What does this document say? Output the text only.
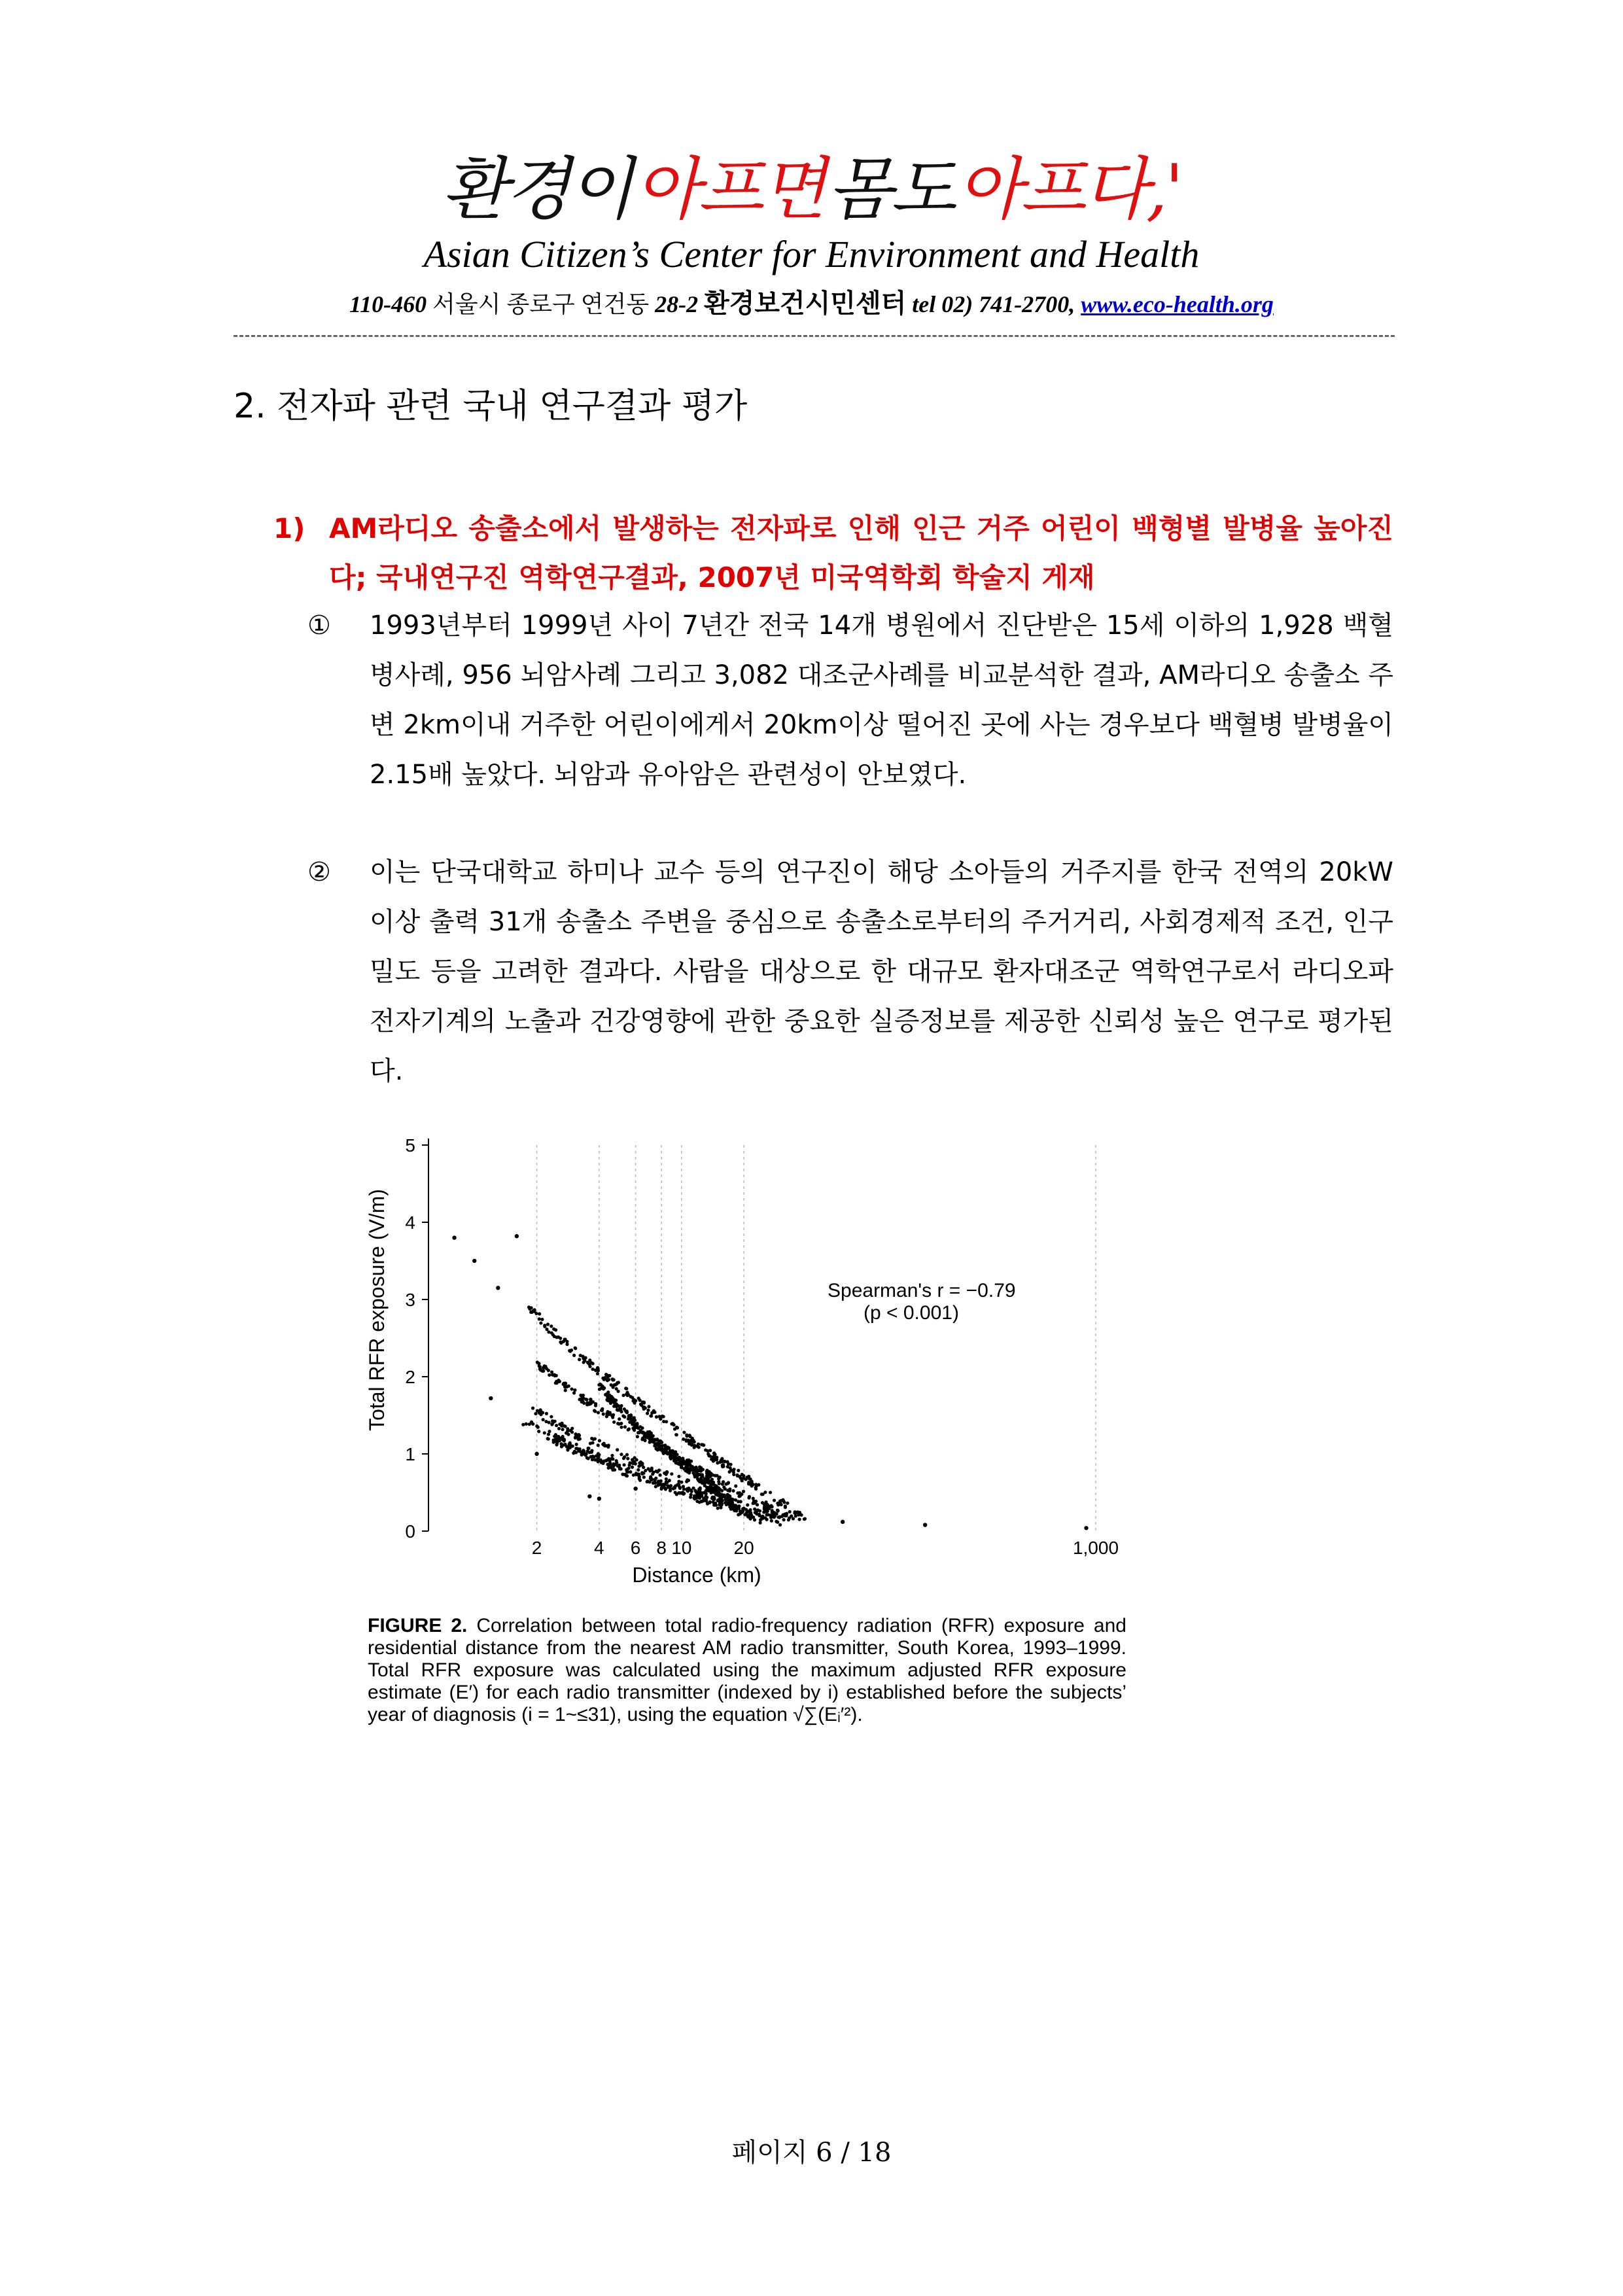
환경이 아프면 몸도 아프다,'
Asian Citizen’s Center for Environment and Health
110-460 서울시 종로구 연건동 28-2 환경보건시민센터 tel 02) 741-2700, www.eco-health.org
2. 전자파 관련 국내 연구결과 평가
1) AM라디오 송출소에서 발생하는 전자파로 인해 인근 거주 어린이 백형별 발병율 높아진다; 국내연구진 역학연구결과, 2007년 미국역학회 학술지 게재
① 1993년부터 1999년 사이 7년간 전국 14개 병원에서 진단받은 15세 이하의 1,928 백혈병사례, 956 뇌암사례 그리고 3,082 대조군사례를 비교분석한 결과, AM라디오 송출소 주변 2km이내 거주한 어린이에게서 20km이상 떨어진 곳에 사는 경우보다 백혈병 발병율이 2.15배 높았다. 뇌암과 유아암은 관련성이 안보였다.
② 이는 단국대학교 하미나 교수 등의 연구진이 해당 소아들의 거주지를 한국 전역의 20kW이상 출력 31개 송출소 주변을 중심으로 송출소로부터의 주거거리, 사회경제적 조건, 인구밀도 등을 고려한 결과다. 사람을 대상으로 한 대규모 환자대조군 역학연구로서 라디오파 전자기계의 노출과 건강영향에 관한 중요한 실증정보를 제공한 신뢰성 높은 연구로 평가된다.
0
1
2
3
4
5
2	4 6 8 10 20	1,000
Spearman's r = −0.79
(p < 0.001)
Distance (km)
Total RFR exposure (V/m)
FIGURE 2. Correlation between total radio-frequency radiation (RFR) exposure and residential distance from the nearest AM radio transmitter, South Korea, 1993–1999. Total RFR exposure was calculated using the maximum adjusted RFR exposure estimate (E′) for each radio transmitter (indexed by i) established before the subjects’ year of diagnosis (i = 1~≤31), using the equation √∑(Eᵢ′²).
페이지 6 / 18
